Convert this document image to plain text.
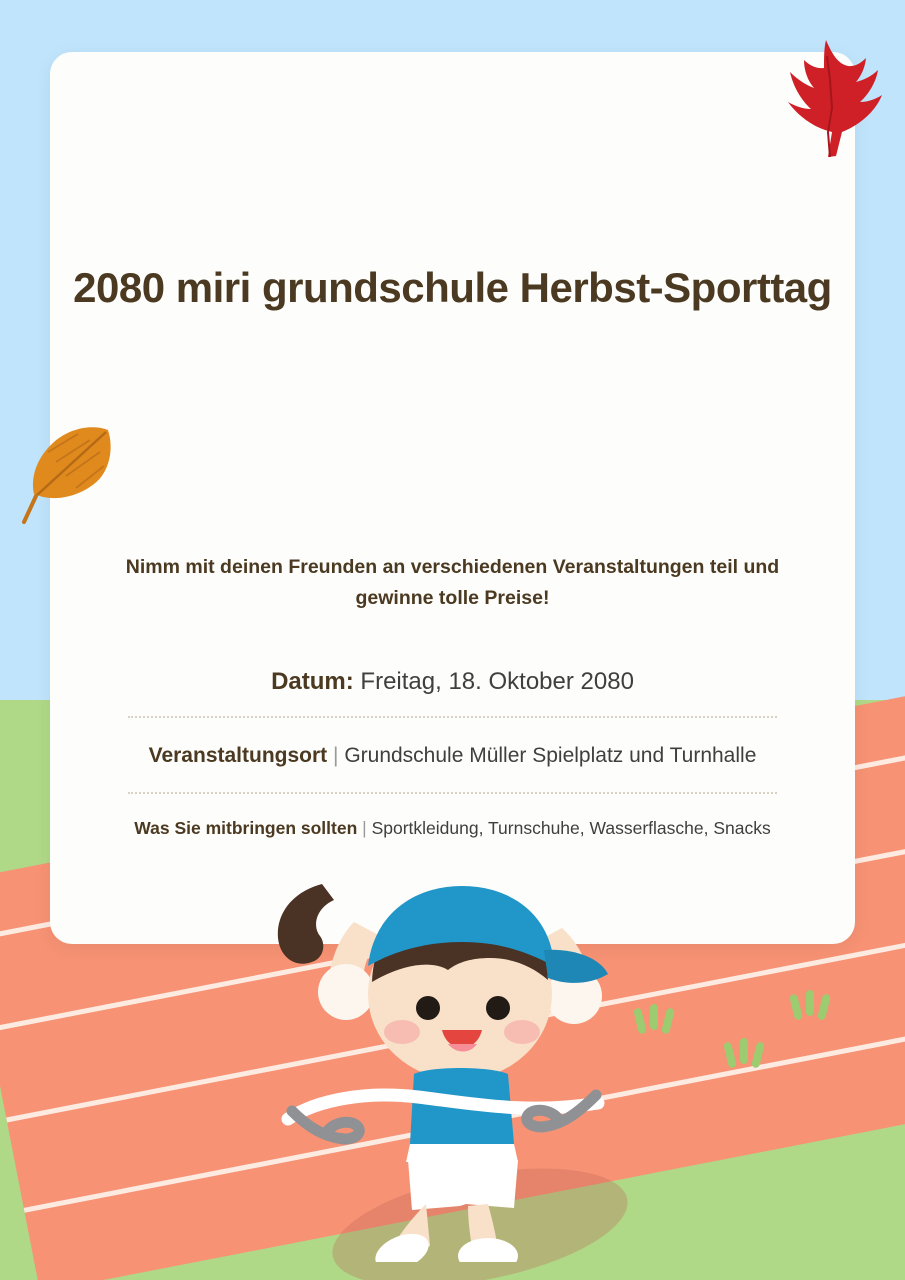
2080 miri grundschule Herbst-Sporttag
Nimm mit deinen Freunden an verschiedenen Veranstaltungen teil und gewinne tolle Preise!
Datum: Freitag, 18. Oktober 2080
Veranstaltungsort | Grundschule Müller Spielplatz und Turnhalle
Was Sie mitbringen sollten | Sportkleidung, Turnschuhe, Wasserflasche, Snacks
